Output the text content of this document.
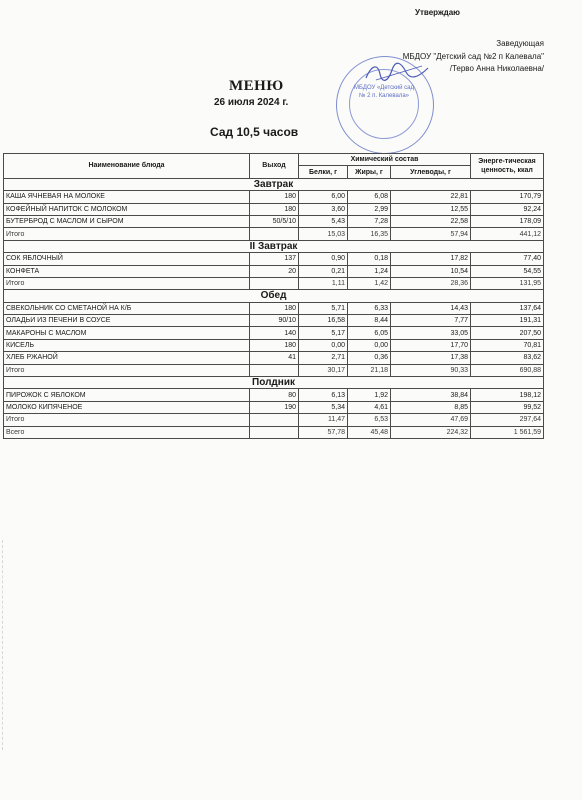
Утверждаю
Заведующая
МБДОУ "Детский сад №2 п Калевала"
/Терво Анна Николаевна/
МБДОУ «Детский сад № 2 п. Калевала»
МЕНЮ
26 июля 2024 г.
Сад 10,5 часов
Наименование блюда	Выход	Химический состав			Энерге-тическая ценность, ккал
		Белки, г	Жиры, г	Углеводы, г	
Завтрак					
КАША ЯЧНЕВАЯ НА МОЛОКЕ	180	6,00	6,08	22,81	170,79
КОФЕЙНЫЙ НАПИТОК С МОЛОКОМ	180	3,60	2,99	12,55	92,24
БУТЕРБРОД С МАСЛОМ И СЫРОМ	50/5/10	5,43	7,28	22,58	178,09
Итого		15,03	16,35	57,94	441,12
II Завтрак					
СОК ЯБЛОЧНЫЙ	137	0,90	0,18	17,82	77,40
КОНФЕТА	20	0,21	1,24	10,54	54,55
Итого		1,11	1,42	28,36	131,95
Обед					
СВЕКОЛЬНИК СО СМЕТАНОЙ НА К/Б	180	5,71	6,33	14,43	137,64
ОЛАДЬИ ИЗ ПЕЧЕНИ В СОУСЕ	90/10	16,58	8,44	7,77	191,31
МАКАРОНЫ С МАСЛОМ	140	5,17	6,05	33,05	207,50
КИСЕЛЬ	180	0,00	0,00	17,70	70,81
ХЛЕБ РЖАНОЙ	41	2,71	0,36	17,38	83,62
Итого		30,17	21,18	90,33	690,88
Полдник					
ПИРОЖОК С ЯБЛОКОМ	80	6,13	1,92	38,84	198,12
МОЛОКО КИПЯЧЕНОЕ	190	5,34	4,61	8,85	99,52
Итого		11,47	6,53	47,69	297,64
Всего		57,78	45,48	224,32	1 561,59
